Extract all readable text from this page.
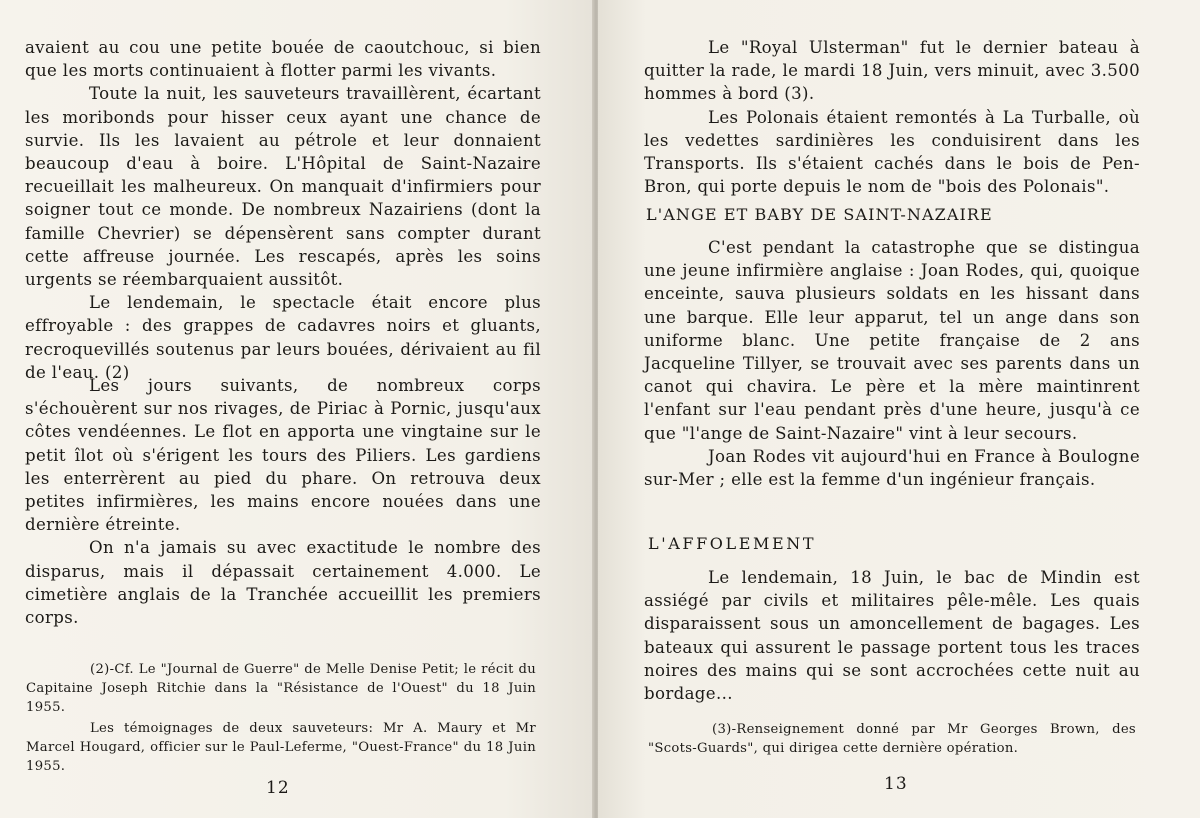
avaient au cou une petite bouée de caoutchouc, si bien que les morts continuaient à flotter parmi les vivants.

Toute la nuit, les sauveteurs travaillèrent, écartant les moribonds pour hisser ceux ayant une chance de survie. Ils les lavaient au pétrole et leur donnaient beaucoup d'eau à boire. L'Hôpital de Saint-Nazaire recueillait les malheureux. On manquait d'infirmiers pour soigner tout ce monde. De nombreux Nazairiens (dont la famille Chevrier) se dépensèrent sans compter durant cette affreuse journée. Les rescapés, après les soins urgents se réembarquaient aussitôt.

Le lendemain, le spectacle était encore plus effroyable : des grappes de cadavres noirs et gluants, recroquevillés soutenus par leurs bouées, dérivaient au fil de l'eau. (2)

Les jours suivants, de nombreux corps s'échouèrent sur nos rivages, de Piriac à Pornic, jusqu'aux côtes vendéennes. Le flot en apporta une vingtaine sur le petit îlot où s'érigent les tours des Piliers. Les gardiens les enterrèrent au pied du phare. On retrouva deux petites infirmières, les mains encore nouées dans une dernière étreinte.

On n'a jamais su avec exactitude le nombre des disparus, mais il dépassait certainement 4.000. Le cimetière anglais de la Tranchée accueillit les premiers corps.

(2)-Cf. Le "Journal de Guerre" de Melle Denise Petit; le récit du Capitaine Joseph Ritchie dans la "Résistance de l'Ouest" du 18 Juin 1955.

Les témoignages de deux sauveteurs: Mr A. Maury et Mr Marcel Hougard, officier sur le Paul-Leferme, "Ouest-France" du 18 Juin 1955.

12

Le "Royal Ulsterman" fut le dernier bateau à quitter la rade, le mardi 18 Juin, vers minuit, avec 3.500 hommes à bord (3).

Les Polonais étaient remontés à La Turballe, où les vedettes sardinières les conduisirent dans les Transports. Ils s'étaient cachés dans le bois de Pen-Bron, qui porte depuis le nom de "bois des Polonais".

L'ANGE ET BABY DE SAINT-NAZAIRE

C'est pendant la catastrophe que se distingua une jeune infirmière anglaise : Joan Rodes, qui, quoique enceinte, sauva plusieurs soldats en les hissant dans une barque. Elle leur apparut, tel un ange dans son uniforme blanc. Une petite française de 2 ans Jacqueline Tillyer, se trouvait avec ses parents dans un canot qui chavira. Le père et la mère maintinrent l'enfant sur l'eau pendant près d'une heure, jusqu'à ce que "l'ange de Saint-Nazaire" vint à leur secours.

Joan Rodes vit aujourd'hui en France à Boulogne sur-Mer ; elle est la femme d'un ingénieur français.

L'AFFOLEMENT

Le lendemain, 18 Juin, le bac de Mindin est assiégé par civils et militaires pêle-mêle. Les quais disparaissent sous un amoncellement de bagages. Les bateaux qui assurent le passage portent tous les traces noires des mains qui se sont accrochées cette nuit au bordage...

(3)-Renseignement donné par Mr Georges Brown, des "Scots-Guards", qui dirigea cette dernière opération.

13
